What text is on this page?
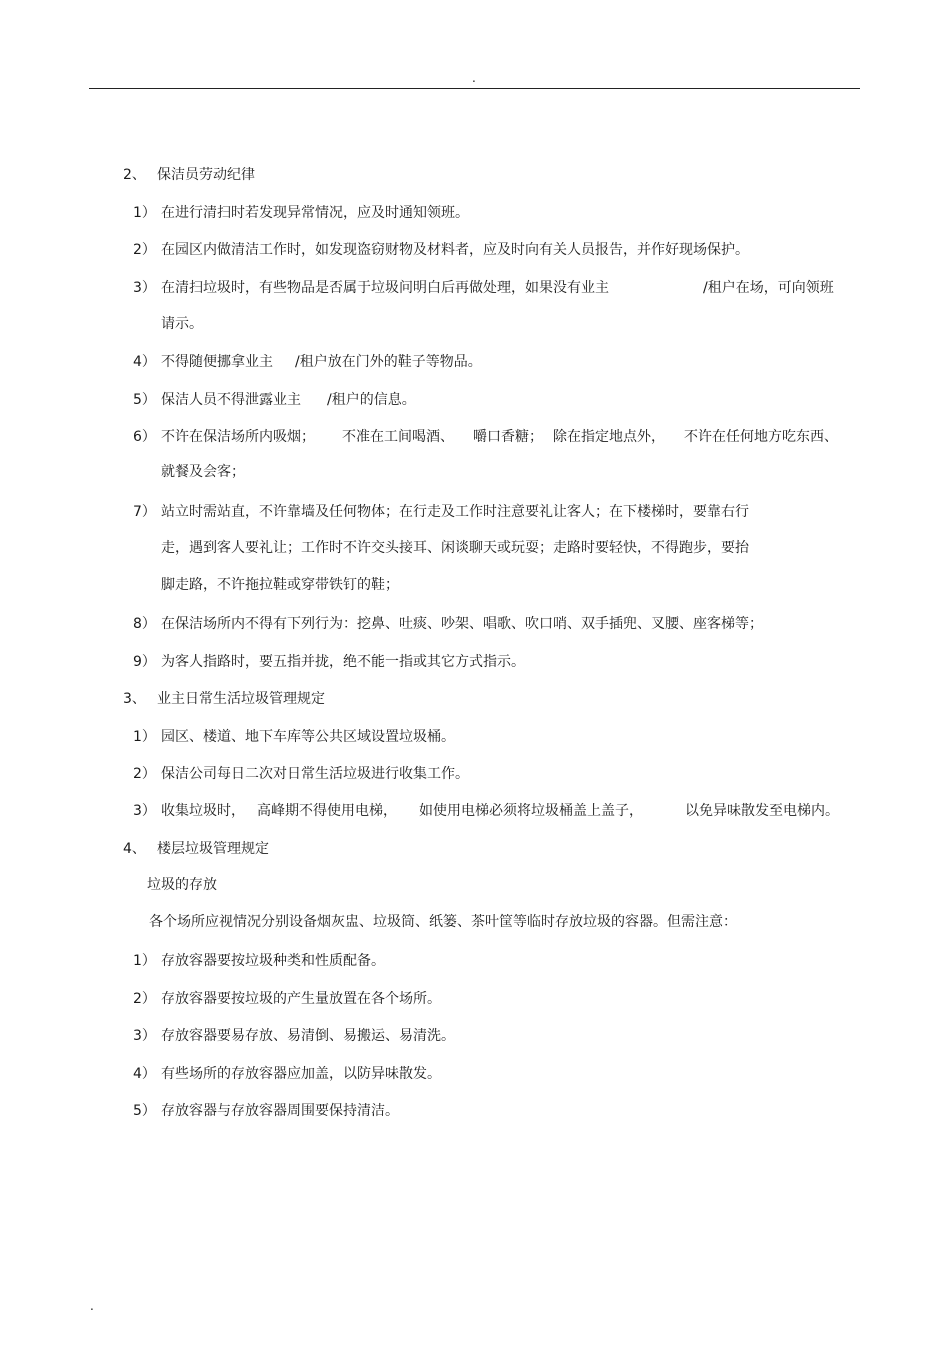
.
2、 保洁员劳动纪律
1） 在进行清扫时若发现异常情况，应及时通知领班。
2） 在园区内做清洁工作时，如发现盗窃财物及材料者，应及时向有关人员报告，并作好现场保护。
3） 在清扫垃圾时，有些物品是否属于垃圾问明白后再做处理，如果没有业主	/租户在场，可向领班
请示。
4） 不得随便挪拿业主 /租户放在门外的鞋子等物品。
5） 保洁人员不得泄露业主 /租户的信息。
6） 不许在保洁场所内吸烟； 不准在工间喝酒、 嚼口香糖； 除在指定地点外， 不许在任何地方吃东西、
就餐及会客；
7） 站立时需站直，不许靠墙及任何物体；在行走及工作时注意要礼让客人；在下楼梯时，要靠右行
走，遇到客人要礼让；工作时不许交头接耳、闲谈聊天或玩耍；走路时要轻快，不得跑步，要抬
脚走路，不许拖拉鞋或穿带铁钉的鞋；
8） 在保洁场所内不得有下列行为：挖鼻、吐痰、吵架、唱歌、吹口哨、双手插兜、叉腰、座客梯等；
9） 为客人指路时，要五指并拢，绝不能一指或其它方式指示。
3、 业主日常生活垃圾管理规定
1） 园区、楼道、地下车库等公共区域设置垃圾桶。
2） 保洁公司每日二次对日常生活垃圾进行收集工作。
3） 收集垃圾时， 高峰期不得使用电梯， 如使用电梯必须将垃圾桶盖上盖子，	以免异味散发至电梯内。
4、 楼层垃圾管理规定
垃圾的存放
各个场所应视情况分别设备烟灰盅、垃圾筒、纸篓、茶叶筐等临时存放垃圾的容器。但需注意：
1） 存放容器要按垃圾种类和性质配备。
2） 存放容器要按垃圾的产生量放置在各个场所。
3） 存放容器要易存放、易清倒、易搬运、易清洗。
4） 有些场所的存放容器应加盖，以防异味散发。
5） 存放容器与存放容器周围要保持清洁。
.
